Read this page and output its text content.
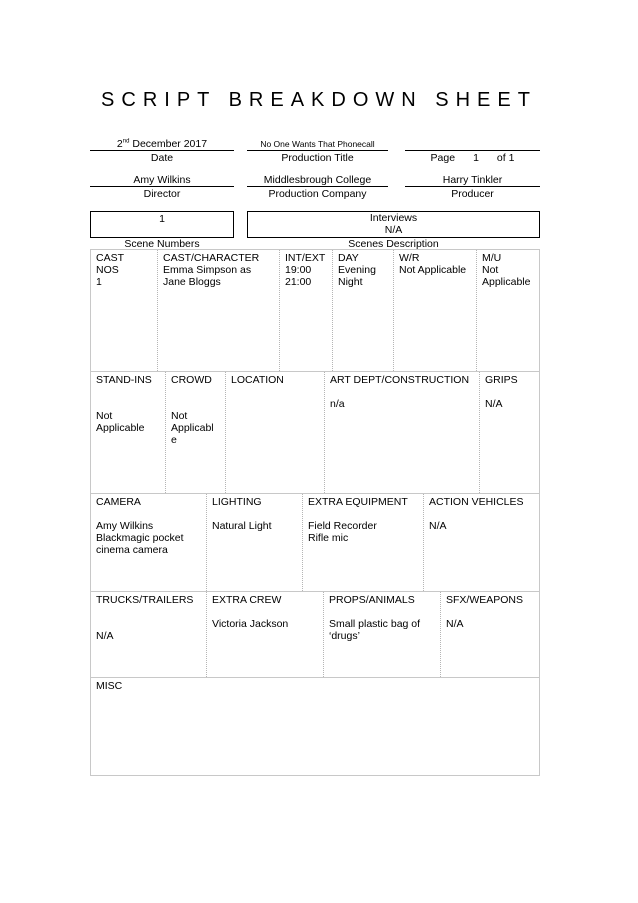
SCRIPT BREAKDOWN SHEET
2nd December 2017
Date
No One Wants That Phonecall
Production Title	Page 1 of 1
Amy Wilkins
Director
Middlesbrough College
Production Company
Harry Tinkler
Producer
1
Scene Numbers
Interviews
N/A
Scenes Description
CAST
NOS
1
CAST/CHARACTER
Emma Simpson as
Jane Bloggs
INT/EXT
19:00
21:00
DAY
Evening
Night
W/R
Not Applicable
M/U
Not
Applicable
STAND-INS
Not
Applicable
CROWD
Not
Applicabl
e
LOCATION	ART DEPT/CONSTRUCTION
n/a
GRIPS
N/A
CAMERA
Amy Wilkins
Blackmagic pocket
cinema camera
LIGHTING
Natural Light
EXTRA EQUIPMENT
Field Recorder
Rifle mic
ACTION VEHICLES
N/A
TRUCKS/TRAILERS
N/A
EXTRA CREW
Victoria Jackson
PROPS/ANIMALS
Small plastic bag of
‘drugs’
SFX/WEAPONS
N/A
MISC
